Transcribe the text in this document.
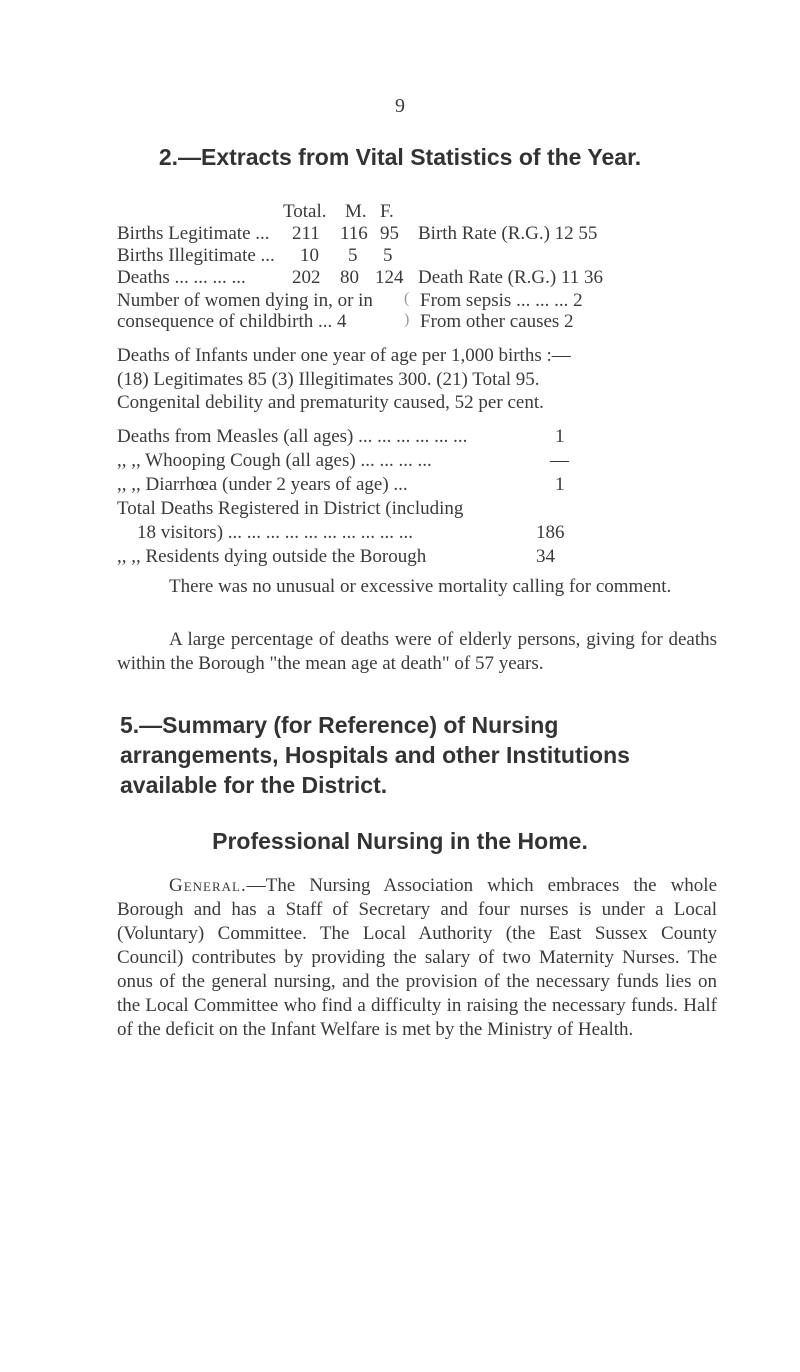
9
2.—Extracts from Vital Statistics of the Year.
Total. M. F.
Births Legitimate ... 211 116 95 Birth Rate (R.G.) 12 55
Births Illegitimate ... 10 5 5
Deaths ... ... ... ... 202 80 124 Death Rate (R.G.) 11 36
Number of women dying in, or in
consequence of childbirth ... 4
(
)
From sepsis ... ... ... 2
From other causes 2
Deaths of Infants under one year of age per 1,000 births :—
(18) Legitimates 85 (3) Illegitimates 300. (21) Total 95.
Congenital debility and prematurity caused, 52 per cent.
Deaths from Measles (all ages) ... ... ... ... ... ...	1
,, ,, Whooping Cough (all ages) ... ... ... ...	—
,, ,, Diarrhœa (under 2 years of age) ...	1
Total Deaths Registered in District (including
18 visitors) ... ... ... ... ... ... ... ... ... ...	186
,, ,, Residents dying outside the Borough	34
There was no unusual or excessive mortality calling for comment.
A large percentage of deaths were of elderly persons, giving for deaths within the Borough "the mean age at death" of 57 years.
5.—Summary (for Reference) of Nursing arrangements, Hospitals and other Institutions available for the District.
Professional Nursing in the Home.
General.—The Nursing Association which embraces the whole Borough and has a Staff of Secretary and four nurses is under a Local (Voluntary) Committee. The Local Authority (the East Sussex County Council) contributes by providing the salary of two Maternity Nurses. The onus of the general nursing, and the provision of the necessary funds lies on the Local Committee who find a difficulty in raising the necessary funds. Half of the deficit on the Infant Welfare is met by the Ministry of Health.
